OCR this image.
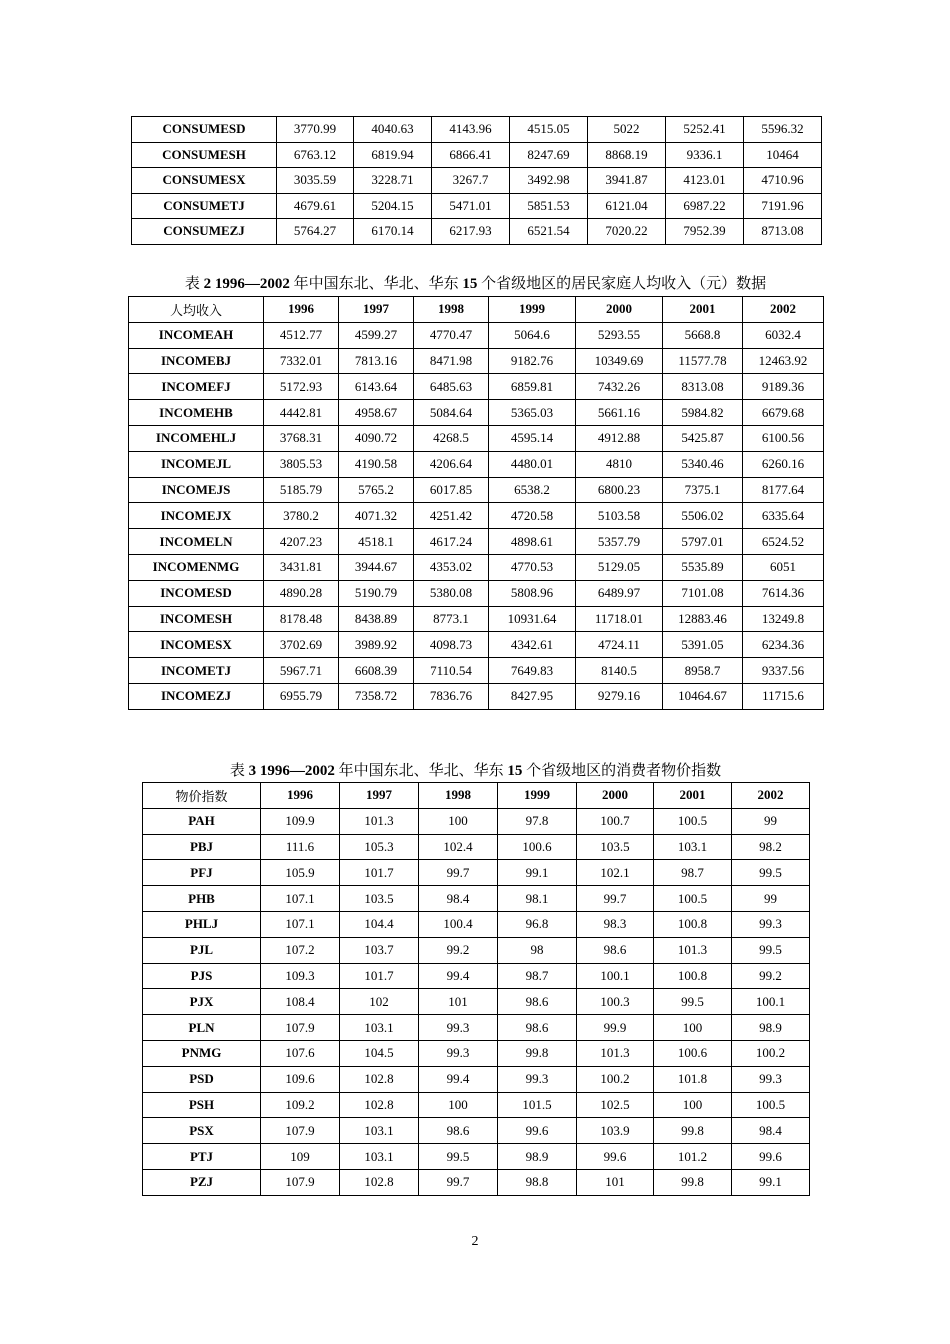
CONSUMESD	3770.99	4040.63	4143.96	4515.05	5022	5252.41	5596.32
CONSUMESH	6763.12	6819.94	6866.41	8247.69	8868.19	9336.1	10464
CONSUMESX	3035.59	3228.71	3267.7	3492.98	3941.87	4123.01	4710.96
CONSUMETJ	4679.61	5204.15	5471.01	5851.53	6121.04	6987.22	7191.96
CONSUMEZJ	5764.27	6170.14	6217.93	6521.54	7020.22	7952.39	8713.08
表 2 1996—2002 年中国东北、华北、华东 15 个省级地区的居民家庭人均收入（元）数据
人均收入	1996	1997	1998	1999	2000	2001	2002
INCOMEAH	4512.77	4599.27	4770.47	5064.6	5293.55	5668.8	6032.4
INCOMEBJ	7332.01	7813.16	8471.98	9182.76	10349.69	11577.78	12463.92
INCOMEFJ	5172.93	6143.64	6485.63	6859.81	7432.26	8313.08	9189.36
INCOMEHB	4442.81	4958.67	5084.64	5365.03	5661.16	5984.82	6679.68
INCOMEHLJ	3768.31	4090.72	4268.5	4595.14	4912.88	5425.87	6100.56
INCOMEJL	3805.53	4190.58	4206.64	4480.01	4810	5340.46	6260.16
INCOMEJS	5185.79	5765.2	6017.85	6538.2	6800.23	7375.1	8177.64
INCOMEJX	3780.2	4071.32	4251.42	4720.58	5103.58	5506.02	6335.64
INCOMELN	4207.23	4518.1	4617.24	4898.61	5357.79	5797.01	6524.52
INCOMENMG	3431.81	3944.67	4353.02	4770.53	5129.05	5535.89	6051
INCOMESD	4890.28	5190.79	5380.08	5808.96	6489.97	7101.08	7614.36
INCOMESH	8178.48	8438.89	8773.1	10931.64	11718.01	12883.46	13249.8
INCOMESX	3702.69	3989.92	4098.73	4342.61	4724.11	5391.05	6234.36
INCOMETJ	5967.71	6608.39	7110.54	7649.83	8140.5	8958.7	9337.56
INCOMEZJ	6955.79	7358.72	7836.76	8427.95	9279.16	10464.67	11715.6
表 3 1996—2002 年中国东北、华北、华东 15 个省级地区的消费者物价指数
物价指数	1996	1997	1998	1999	2000	2001	2002
PAH	109.9	101.3	100	97.8	100.7	100.5	99
PBJ	111.6	105.3	102.4	100.6	103.5	103.1	98.2
PFJ	105.9	101.7	99.7	99.1	102.1	98.7	99.5
PHB	107.1	103.5	98.4	98.1	99.7	100.5	99
PHLJ	107.1	104.4	100.4	96.8	98.3	100.8	99.3
PJL	107.2	103.7	99.2	98	98.6	101.3	99.5
PJS	109.3	101.7	99.4	98.7	100.1	100.8	99.2
PJX	108.4	102	101	98.6	100.3	99.5	100.1
PLN	107.9	103.1	99.3	98.6	99.9	100	98.9
PNMG	107.6	104.5	99.3	99.8	101.3	100.6	100.2
PSD	109.6	102.8	99.4	99.3	100.2	101.8	99.3
PSH	109.2	102.8	100	101.5	102.5	100	100.5
PSX	107.9	103.1	98.6	99.6	103.9	99.8	98.4
PTJ	109	103.1	99.5	98.9	99.6	101.2	99.6
PZJ	107.9	102.8	99.7	98.8	101	99.8	99.1
2
